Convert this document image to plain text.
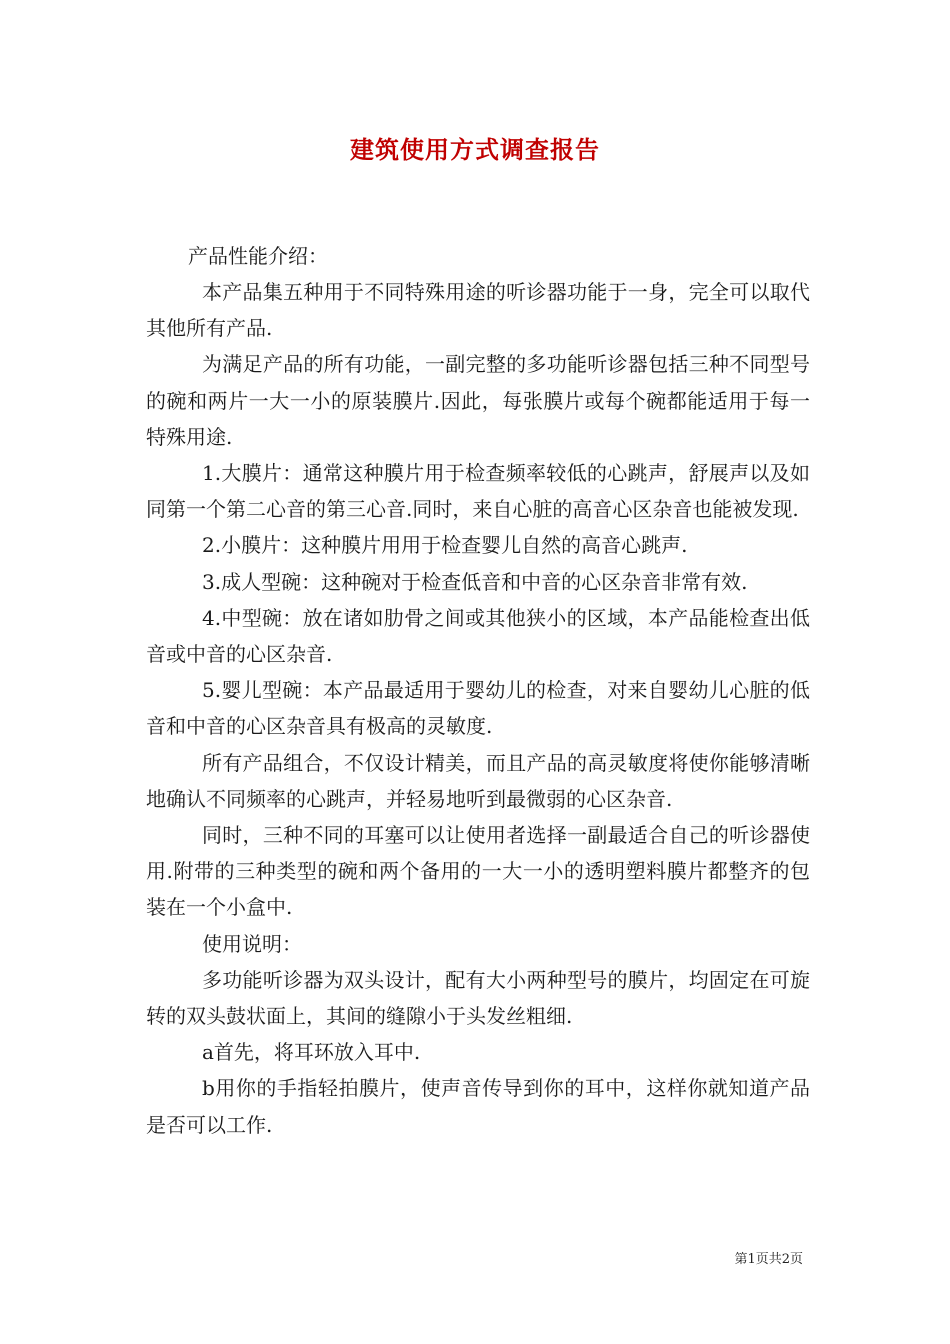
建筑使用方式调查报告

产品性能介绍：

本产品集五种用于不同特殊用途的听诊器功能于一身，完全可以取代其他所有产品.

为满足产品的所有功能，一副完整的多功能听诊器包括三种不同型号的碗和两片一大一小的原装膜片.因此，每张膜片或每个碗都能适用于每一特殊用途.

1.大膜片：通常这种膜片用于检查频率较低的心跳声，舒展声以及如同第一个第二心音的第三心音.同时，来自心脏的高音心区杂音也能被发现.

2.小膜片：这种膜片用用于检查婴儿自然的高音心跳声.

3.成人型碗：这种碗对于检查低音和中音的心区杂音非常有效.

4.中型碗：放在诸如肋骨之间或其他狭小的区域，本产品能检查出低音或中音的心区杂音.

5.婴儿型碗：本产品最适用于婴幼儿的检查，对来自婴幼儿心脏的低音和中音的心区杂音具有极高的灵敏度.

所有产品组合，不仅设计精美，而且产品的高灵敏度将使你能够清晰地确认不同频率的心跳声，并轻易地听到最微弱的心区杂音.

同时，三种不同的耳塞可以让使用者选择一副最适合自己的听诊器使用.附带的三种类型的碗和两个备用的一大一小的透明塑料膜片都整齐的包装在一个小盒中.

使用说明：

多功能听诊器为双头设计，配有大小两种型号的膜片，均固定在可旋转的双头鼓状面上，其间的缝隙小于头发丝粗细.

a首先，将耳环放入耳中.

b用你的手指轻拍膜片，使声音传导到你的耳中，这样你就知道产品是否可以工作.

第1页共2页
